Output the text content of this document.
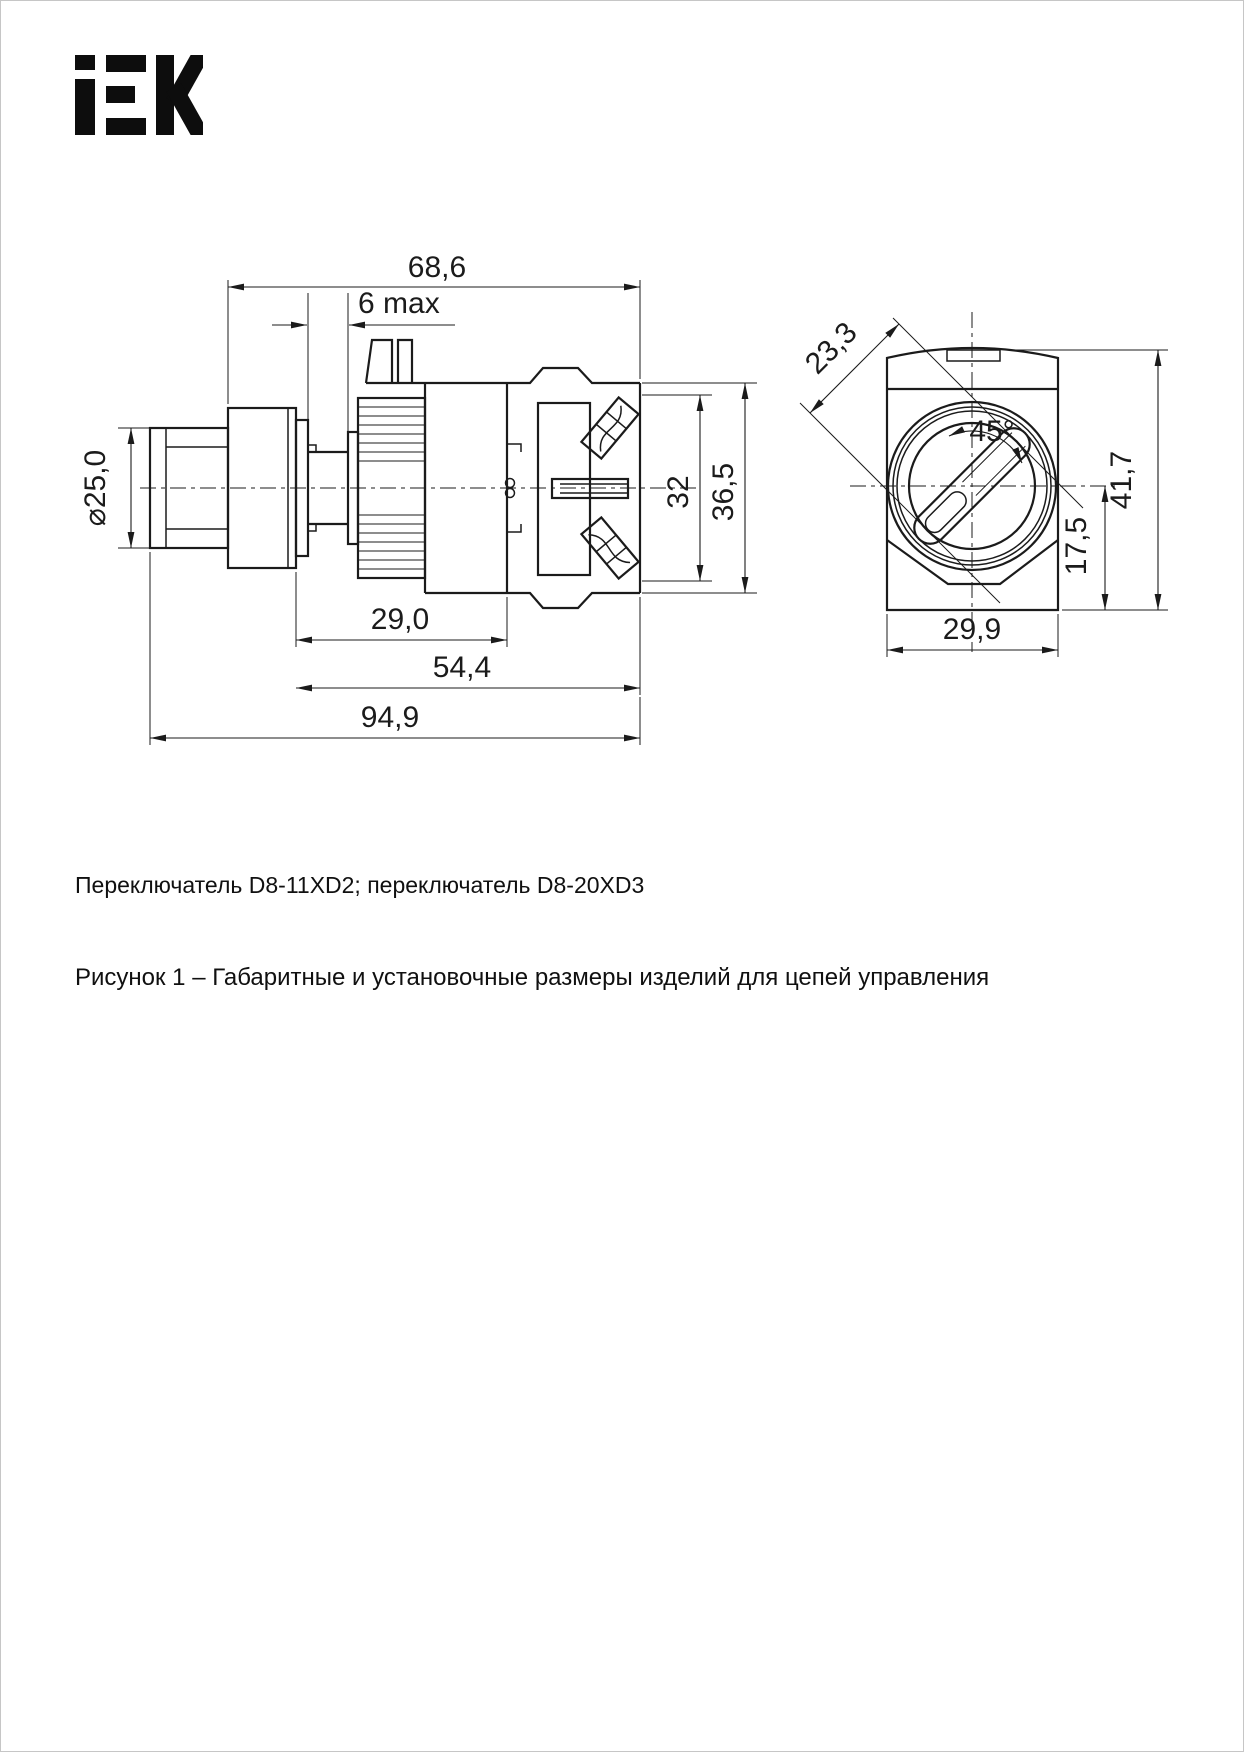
68,6
6 max
⌀25,0	32 36,5
29,0
54,4
94,9
45°
23,3
17,5
41,7
29,9
Переключатель D8-11XD2; переключатель D8-20XD3
Рисунок 1 – Габаритные и установочные размеры изделий для цепей управления
